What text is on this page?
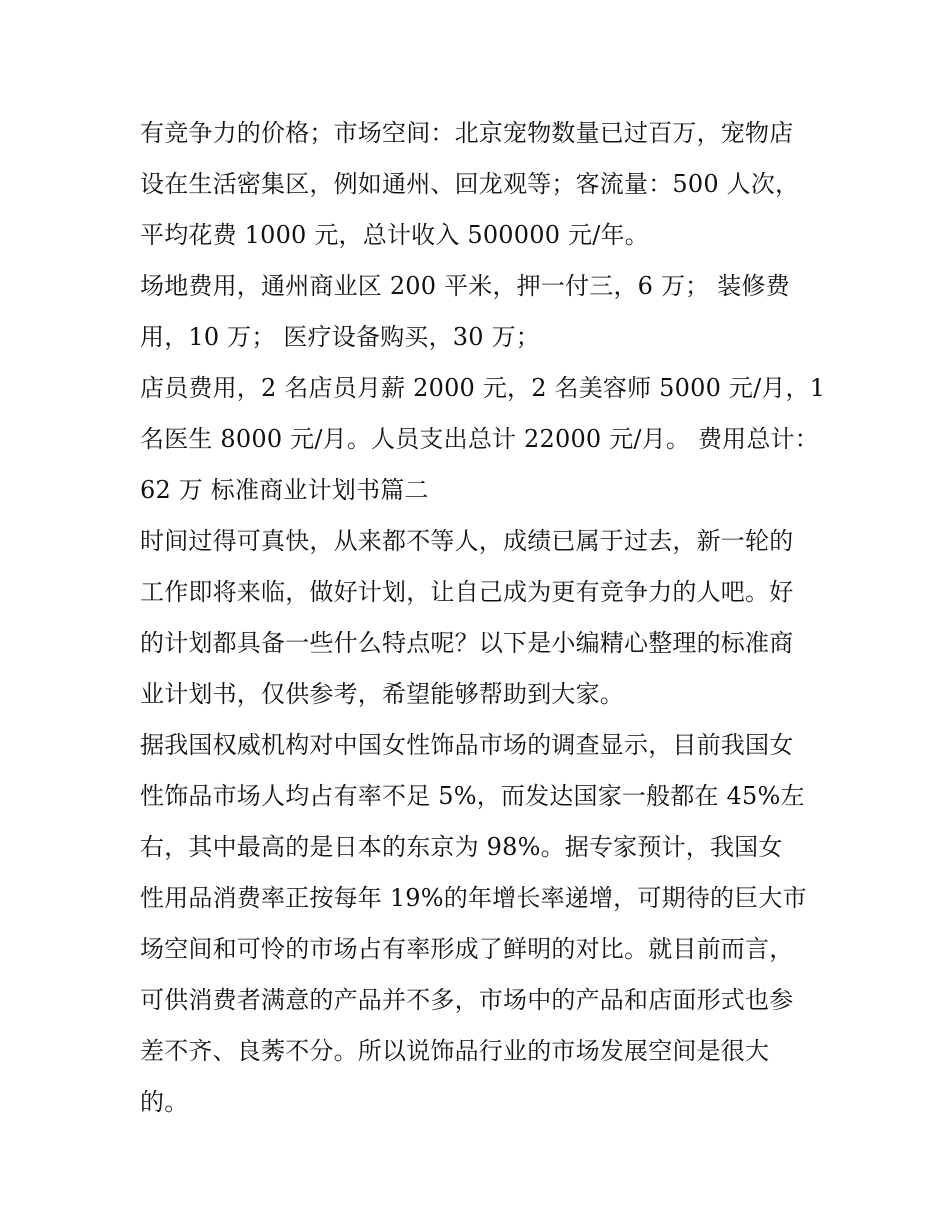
有竞争力的价格；市场空间：北京宠物数量已过百万，宠物店
设在生活密集区，例如通州、回龙观等；客流量：500 人次，
平均花费 1000 元，总计收入 500000 元/年。
场地费用，通州商业区 200 平米，押一付三，6 万； 装修费
用，10 万； 医疗设备购买，30 万；
店员费用，2 名店员月薪 2000 元，2 名美容师 5000 元/月，1
名医生 8000 元/月。人员支出总计 22000 元/月。 费用总计：
62 万 标准商业计划书篇二
时间过得可真快，从来都不等人，成绩已属于过去，新一轮的
工作即将来临，做好计划，让自己成为更有竞争力的人吧。好
的计划都具备一些什么特点呢？以下是小编精心整理的标准商
业计划书，仅供参考，希望能够帮助到大家。
据我国权威机构对中国女性饰品市场的调查显示，目前我国女
性饰品市场人均占有率不足 5%，而发达国家一般都在 45%左
右，其中最高的是日本的东京为 98%。据专家预计，我国女
性用品消费率正按每年 19%的年增长率递增，可期待的巨大市
场空间和可怜的市场占有率形成了鲜明的对比。就目前而言，
可供消费者满意的产品并不多，市场中的产品和店面形式也参
差不齐、良莠不分。所以说饰品行业的市场发展空间是很大
的。
